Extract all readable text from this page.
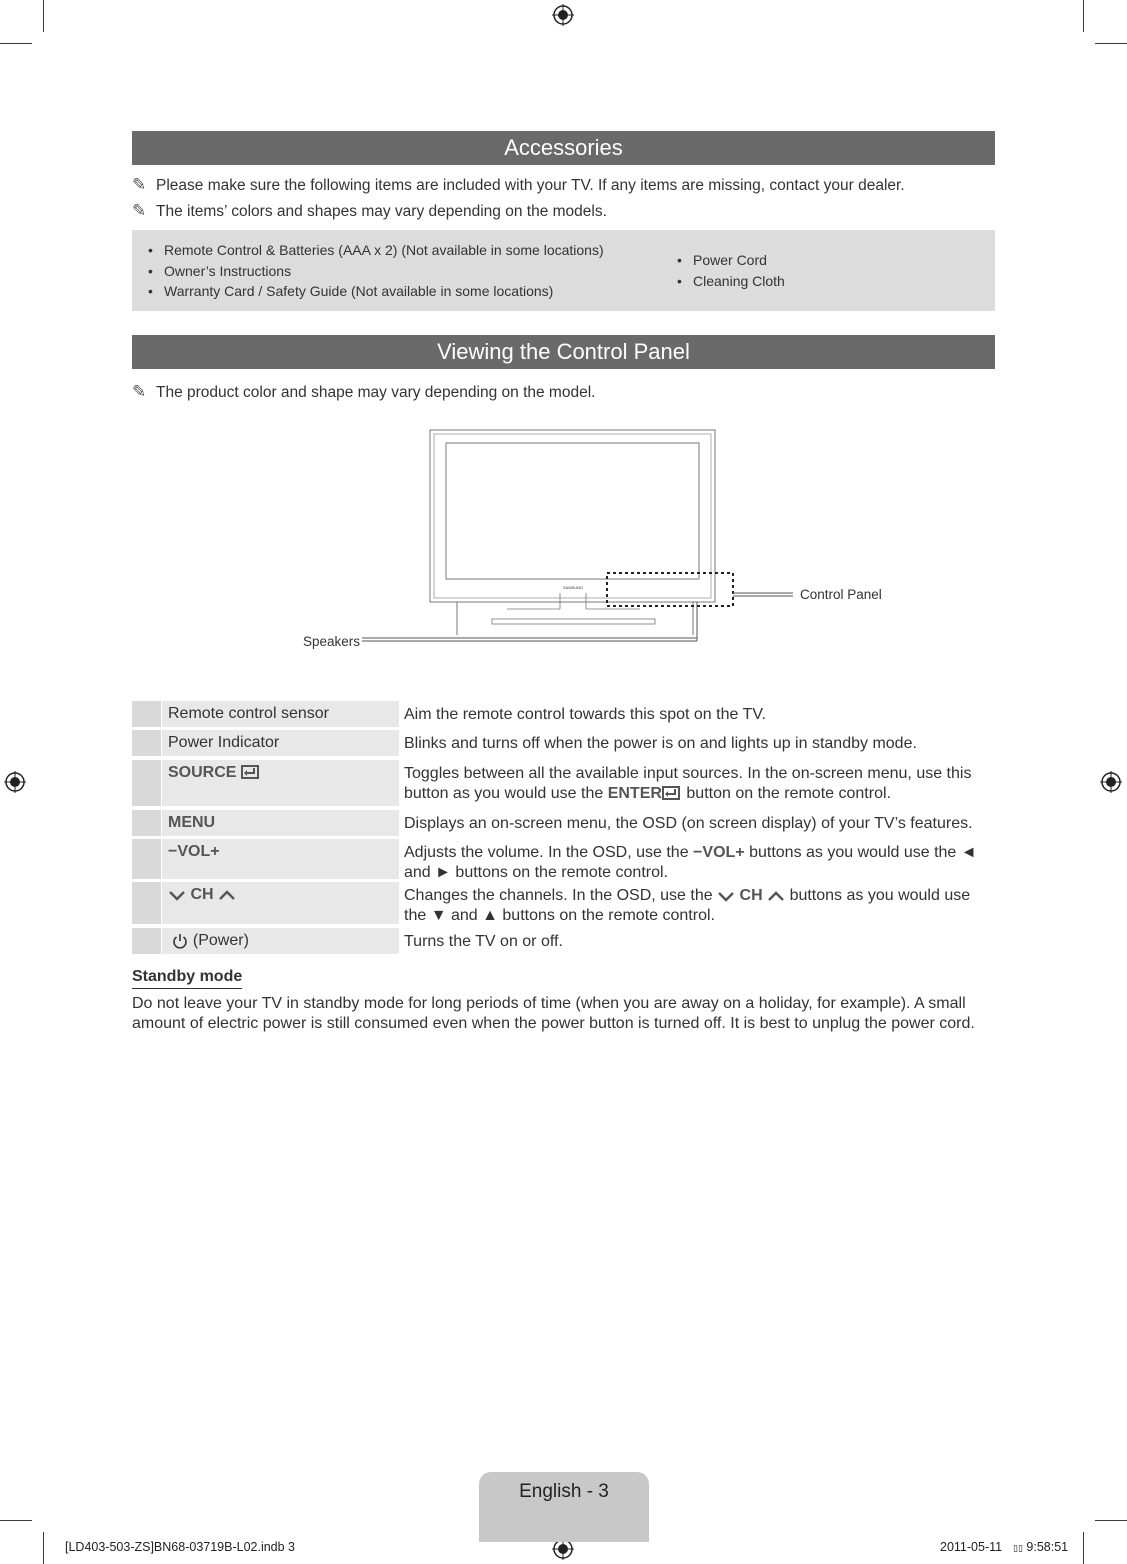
Accessories
✎ Please make sure the following items are included with your TV. If any items are missing, contact your dealer.
✎ The items’ colors and shapes may vary depending on the models.
• Remote Control & Batteries (AAA x 2) (Not available in some locations)
• Owner’s Instructions
• Warranty Card / Safety Guide (Not available in some locations)
• Power Cord
• Cleaning Cloth
Viewing the Control Panel
✎ The product color and shape may vary depending on the model.
SAMSUNG	Control Panel
Speakers
Remote control sensor	Aim the remote control towards this spot on the TV.
Power Indicator	Blinks and turns off when the power is on and lights up in standby mode.
SOURCE	Toggles between all the available input sources. In the on-screen menu, use this button as you would use the ENTER button on the remote control.
MENU	Displays an on-screen menu, the OSD (on screen display) of your TV’s features.
−VOL+	Adjusts the volume. In the OSD, use the −VOL+ buttons as you would use the ◄ and ► buttons on the remote control.
CH	Changes the channels. In the OSD, use the CH buttons as you would use the ▼ and ▲ buttons on the remote control.
(Power)	Turns the TV on or off.
Standby mode
Do not leave your TV in standby mode for long periods of time (when you are away on a holiday, for example). A small amount of electric power is still consumed even when the power button is turned off. It is best to unplug the power cord.
English - 3
[LD403-503-ZS]BN68-03719B-L02.indb 3	2011-05-11 ▯▯ 9:58:51
